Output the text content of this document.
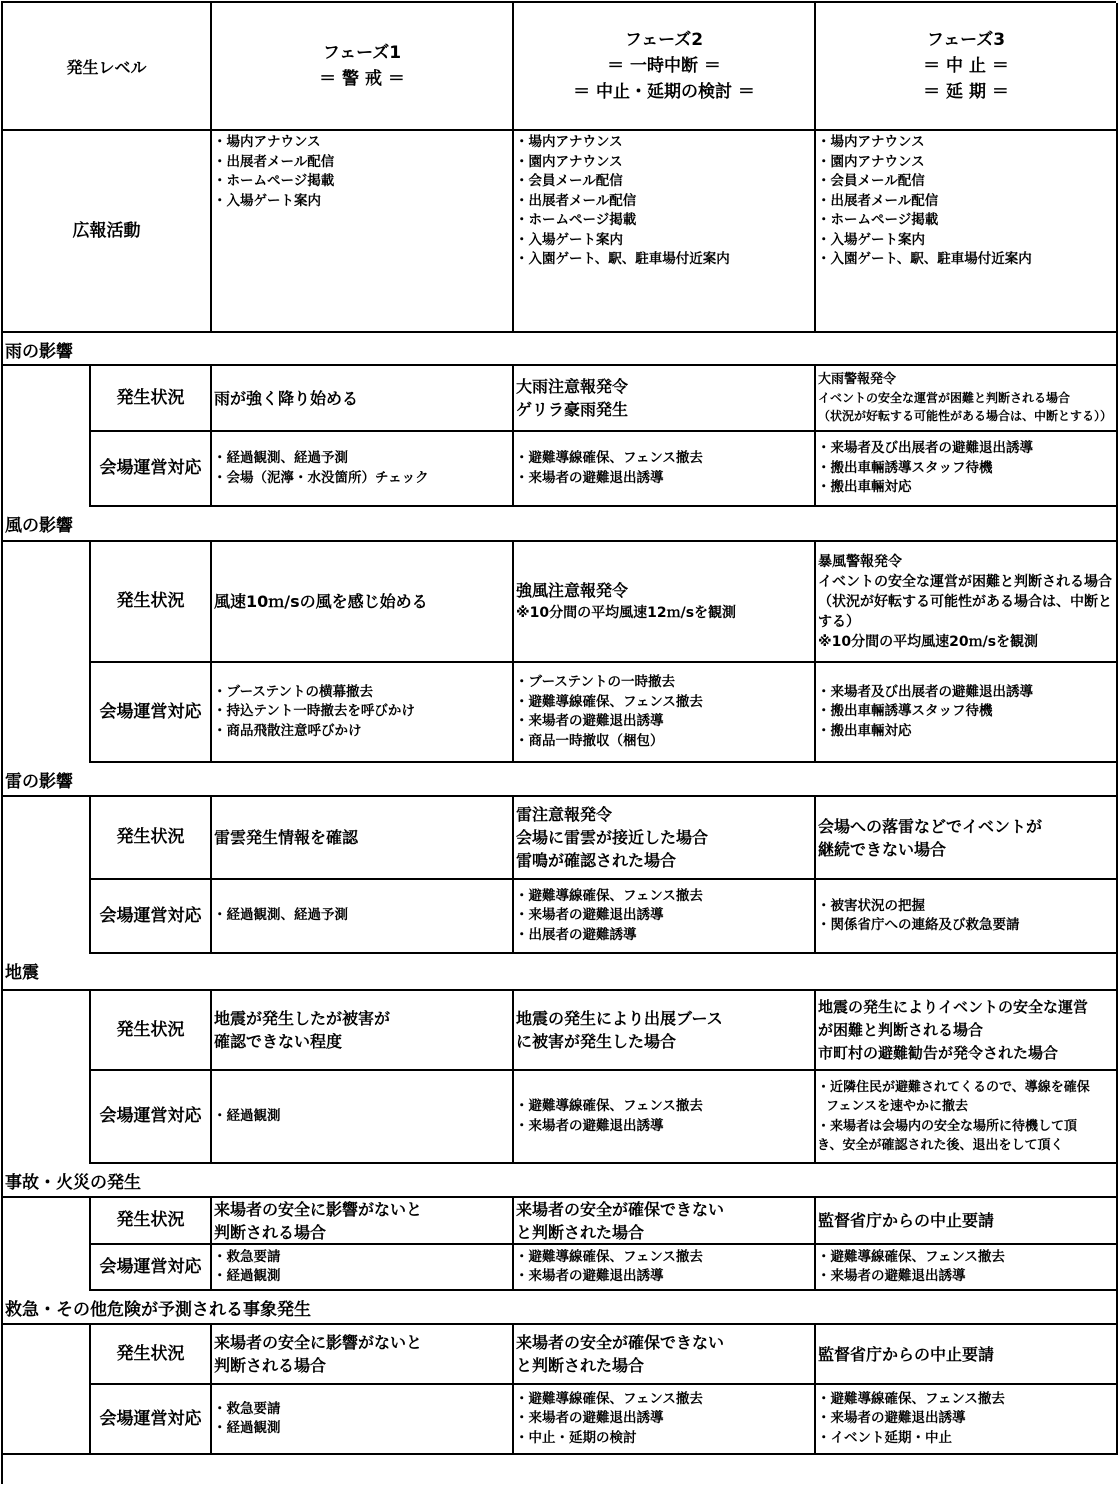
発生レベル
フェーズ1
＝ 警 戒 ＝
フェーズ2
＝ 一時中断 ＝
＝ 中止・延期の検討 ＝
フェーズ3
＝ 中 止 ＝
＝ 延 期 ＝
広報活動
・場内アナウンス
・出展者メール配信
・ホームページ掲載
・入場ゲート案内
・場内アナウンス
・園内アナウンス
・会員メール配信
・出展者メール配信
・ホームページ掲載
・入場ゲート案内
・入園ゲート、駅、駐車場付近案内
・場内アナウンス
・園内アナウンス
・会員メール配信
・出展者メール配信
・ホームページ掲載
・入場ゲート案内
・入園ゲート、駅、駐車場付近案内
雨の影響
発生状況 雨が強く降り始める
大雨注意報発令
ゲリラ豪雨発生
大雨警報発令
イベントの安全な運営が困難と判断される場合
（状況が好転する可能性がある場合は、中断とする））
会場運営対応 ・経過観測、経過予測
・会場（泥濘・水没箇所）チェック
・避難導線確保、フェンス撤去
・来場者の避難退出誘導
・来場者及び出展者の避難退出誘導
・搬出車輛誘導スタッフ待機
・搬出車輛対応
風の影響
発生状況 風速10ｍ/sの風を感じ始める
強風注意報発令
※10分間の平均風速12ｍ/sを観測
暴風警報発令
イベントの安全な運営が困難と判断される場合
（状況が好転する可能性がある場合は、中断とする）
※10分間の平均風速20ｍ/sを観測
会場運営対応
・ブーステントの横幕撤去
・持込テント一時撤去を呼びかけ
・商品飛散注意呼びかけ
・ブーステントの一時撤去
・避難導線確保、フェンス撤去
・来場者の避難退出誘導
・商品一時撤収（梱包）
・来場者及び出展者の避難退出誘導
・搬出車輛誘導スタッフ待機
・搬出車輛対応
雷の影響
発生状況 雷雲発生情報を確認
雷注意報発令
会場に雷雲が接近した場合
雷鳴が確認された場合
会場への落雷などでイベントが
継続できない場合
会場運営対応 ・経過観測、経過予測
・避難導線確保、フェンス撤去
・来場者の避難退出誘導
・出展者の避難誘導
・被害状況の把握
・関係省庁への連絡及び救急要請
地震
発生状況
地震が発生したが被害が
確認できない程度
地震の発生により出展ブース
に被害が発生した場合
地震の発生によりイベントの安全な運営
が困難と判断される場合
市町村の避難勧告が発令された場合
会場運営対応 ・経過観測
・避難導線確保、フェンス撤去
・来場者の避難退出誘導
・近隣住民が避難されてくるので、導線を確保
フェンスを速やかに撤去
・来場者は会場内の安全な場所に待機して頂
き、安全が確認された後、退出をして頂く
事故・火災の発生
発生状況
来場者の安全に影響がないと
判断される場合
来場者の安全が確保できない
と判断された場合
監督省庁からの中止要請
会場運営対応 ・救急要請
・経過観測
・避難導線確保、フェンス撤去
・来場者の避難退出誘導
・避難導線確保、フェンス撤去
・来場者の避難退出誘導
救急・その他危険が予測される事象発生
発生状況
来場者の安全に影響がないと
判断される場合
来場者の安全が確保できない
と判断された場合
監督省庁からの中止要請
会場運営対応 ・救急要請
・経過観測
・避難導線確保、フェンス撤去
・来場者の避難退出誘導
・中止・延期の検討
・避難導線確保、フェンス撤去
・来場者の避難退出誘導
・イベント延期・中止
